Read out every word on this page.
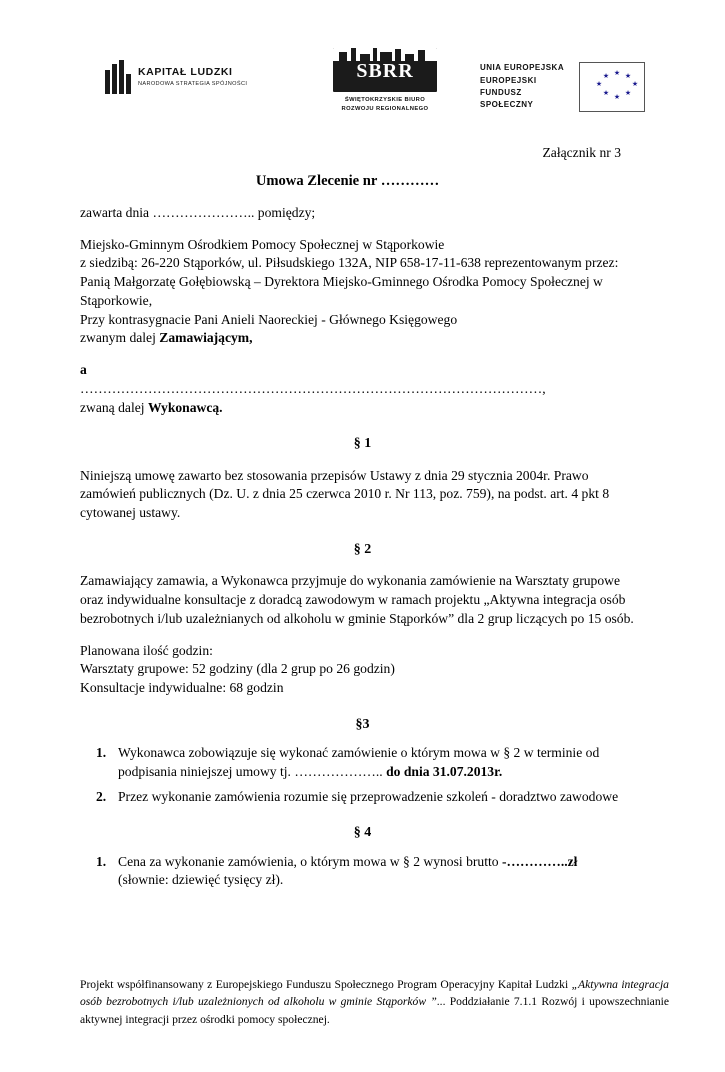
KAPITAŁ LUDZKI
NARODOWA STRATEGIA SPÓJNOŚCI
SBRR
ŚWIĘTOKRZYSKIE BIURO
ROZWOJU REGIONALNEGO
UNIA EUROPEJSKA
EUROPEJSKI
FUNDUSZ SPOŁECZNY
★ ★
★
★
★
★
★
★
Załącznik nr 3
Umowa Zlecenie nr …………
zawarta dnia ………………….. pomiędzy;
Miejsko-Gminnym Ośrodkiem Pomocy Społecznej w Stąporkowie
z siedzibą: 26-220 Stąporków, ul. Piłsudskiego 132A, NIP 658-17-11-638 reprezentowanym przez:
Panią Małgorzatę Gołębiowską – Dyrektora Miejsko-Gminnego Ośrodka Pomocy Społecznej w Stąporkowie,
Przy kontrasygnacie Pani Anieli Naoreckiej - Głównego Księgowego
zwanym dalej Zamawiającym,
a
…………………………………………………………………………………………,
zwaną dalej Wykonawcą.
§ 1
Niniejszą umowę zawarto bez stosowania przepisów Ustawy z dnia 29 stycznia 2004r. Prawo zamówień publicznych (Dz. U. z dnia 25 czerwca 2010 r. Nr 113, poz. 759), na podst. art. 4 pkt 8 cytowanej ustawy.
§ 2
Zamawiający zamawia, a Wykonawca przyjmuje do wykonania zamówienie na Warsztaty grupowe oraz indywidualne konsultacje z doradcą zawodowym w ramach projektu „Aktywna integracja osób bezrobotnych i/lub uzależnianych od alkoholu w gminie Stąporków” dla 2 grup liczących po 15 osób.
Planowana ilość godzin:
Warsztaty grupowe: 52 godziny (dla 2 grup po 26 godzin)
Konsultacje indywidualne: 68 godzin
§3
1. Wykonawca zobowiązuje się wykonać zamówienie o którym mowa w § 2 w terminie od podpisania niniejszej umowy tj. ……………….. do dnia 31.07.2013r.
2. Przez wykonanie zamówienia rozumie się przeprowadzenie szkoleń - doradztwo zawodowe
§ 4
1. Cena za wykonanie zamówienia, o którym mowa w § 2 wynosi brutto -…………..zł
(słownie: dziewięć tysięcy zł).
Projekt współfinansowany z Europejskiego Funduszu Społecznego Program Operacyjny Kapitał Ludzki „Aktywna integracja osób bezrobotnych i/lub uzależnionych od alkoholu w gminie Stąporków ”... Poddziałanie 7.1.1 Rozwój i upowszechnianie aktywnej integracji przez ośrodki pomocy społecznej.
